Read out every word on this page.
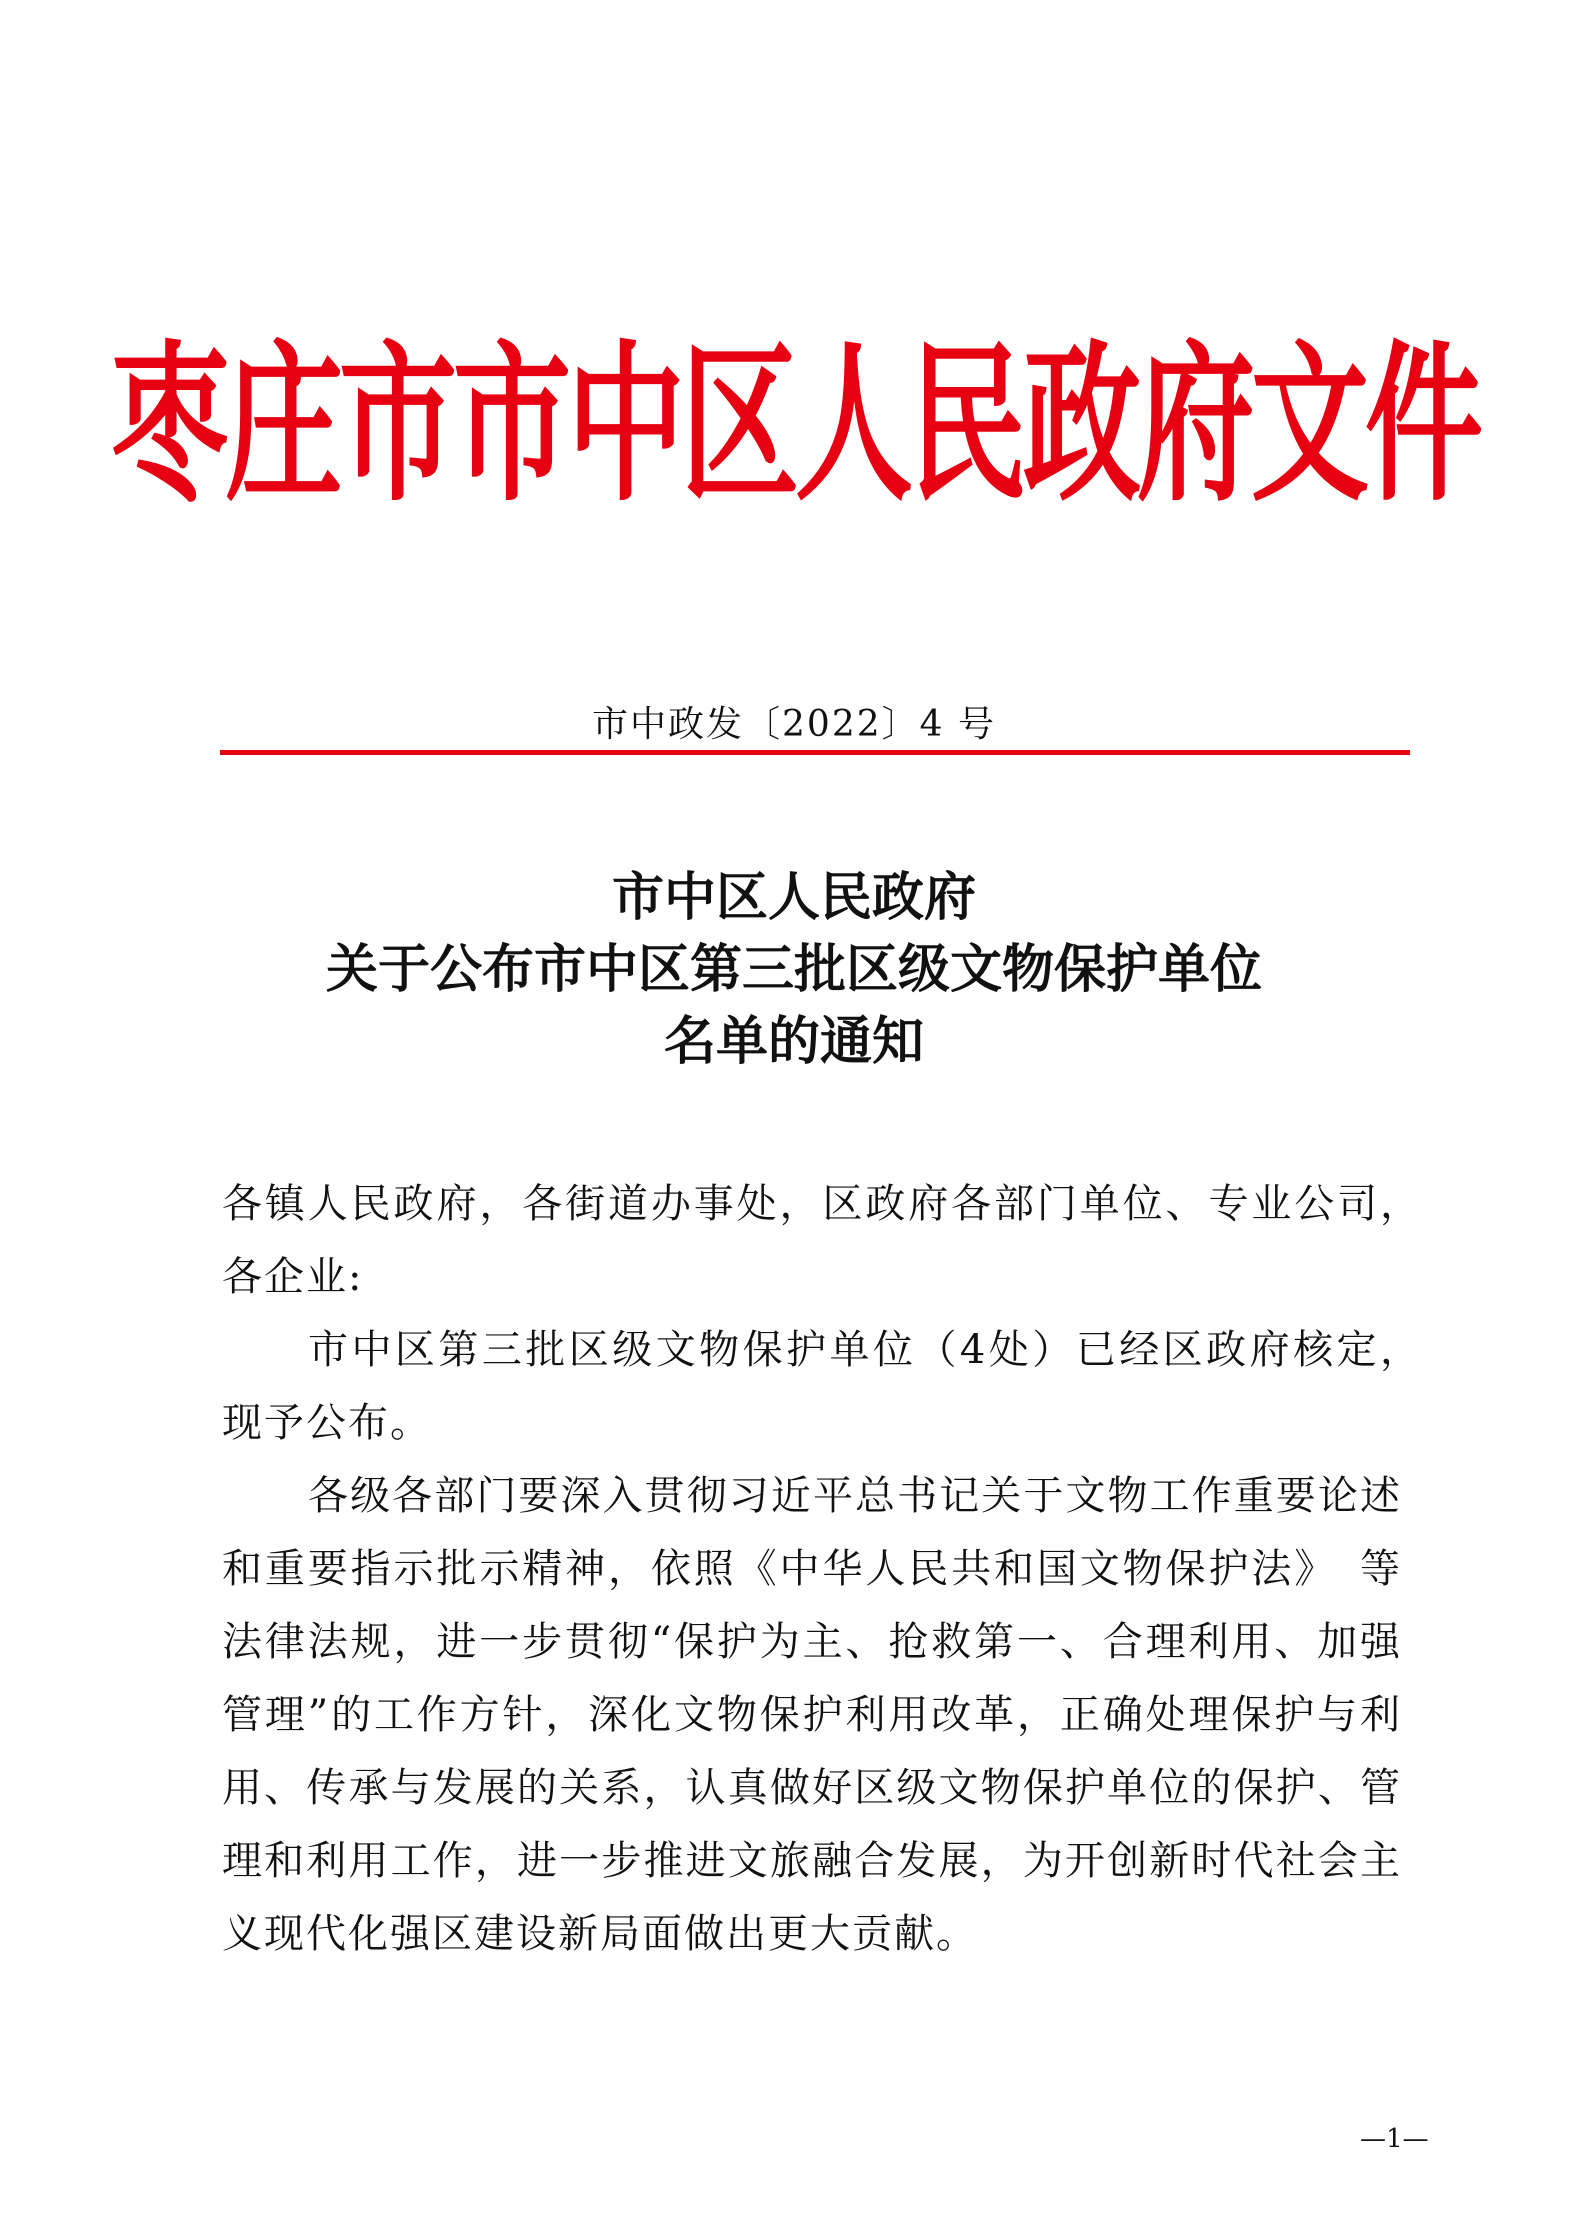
枣庄市市中区人民政府文件
市中政发〔2022〕4 号
市中区人民政府
关于公布市中区第三批区级文物保护单位
名单的通知

各镇人民政府，各街道办事处，区政府各部门单位、专业公司，　各企业:

市中区第三批区级文物保护单位（4处）已经区政府核定，　现予公布。

各级各部门要深入贯彻习近平总书记关于文物工作重要论述和重要指示批示精神，依照《中华人民共和国文物保护法》　等法律法规，进一步贯彻“保护为主、抢救第一、合理利用、加强管理”的工作方针，深化文物保护利用改革，正确处理保护与利用、传承与发展的关系，认真做好区级文物保护单位的保护、管理和利用工作，进一步推进文旅融合发展，为开创新时代社会主义现代化强区建设新局面做出更大贡献。

—1—
